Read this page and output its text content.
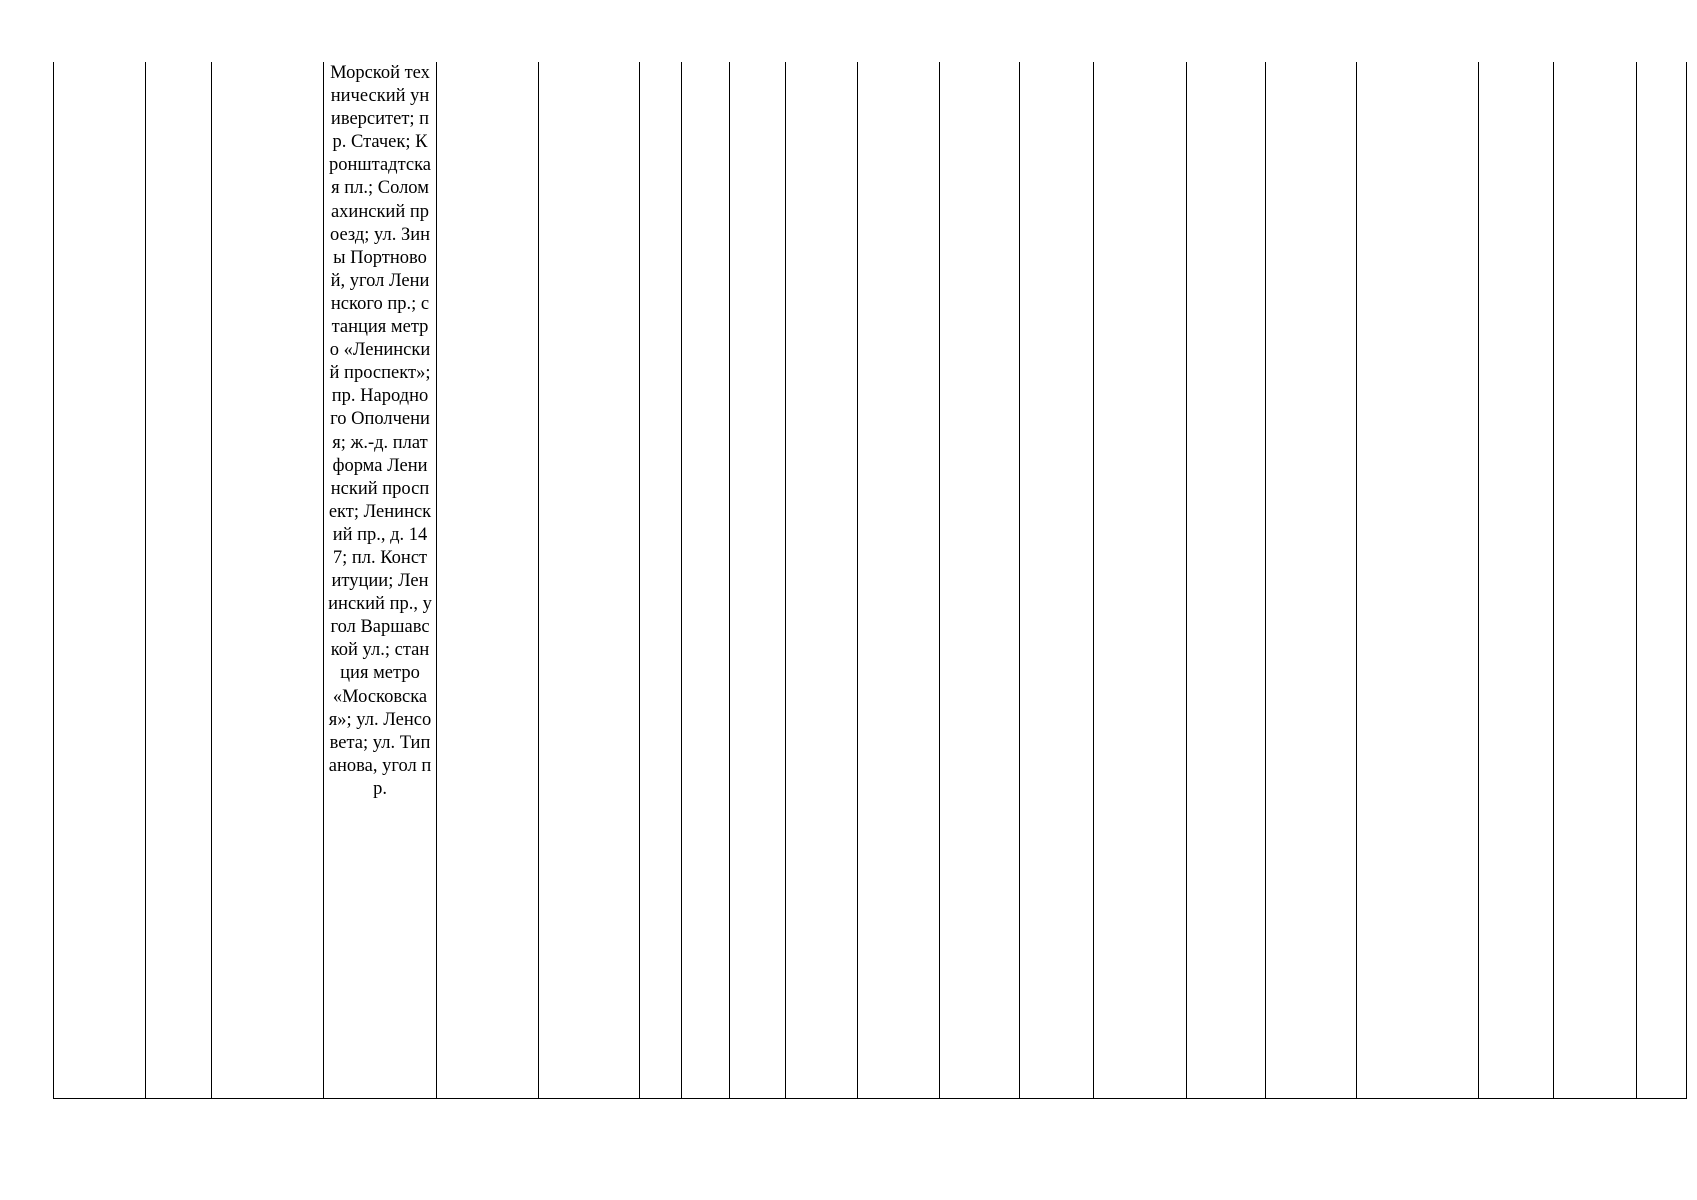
Морской технический университет; пр. Стачек; Кронштадтская пл.; Соломахинский проезд; ул. Зины Портновой, угол Ленинского пр.; станция метро «Ленинский проспект»; пр. Народного Ополчения; ж.-д. платформа Ленинский проспект; Ленинский пр., д. 147; пл. Конституции; Ленинский пр., угол Варшавской ул.; станция метро «Московская»; ул. Ленсовета; ул. Типанова, угол пр.
